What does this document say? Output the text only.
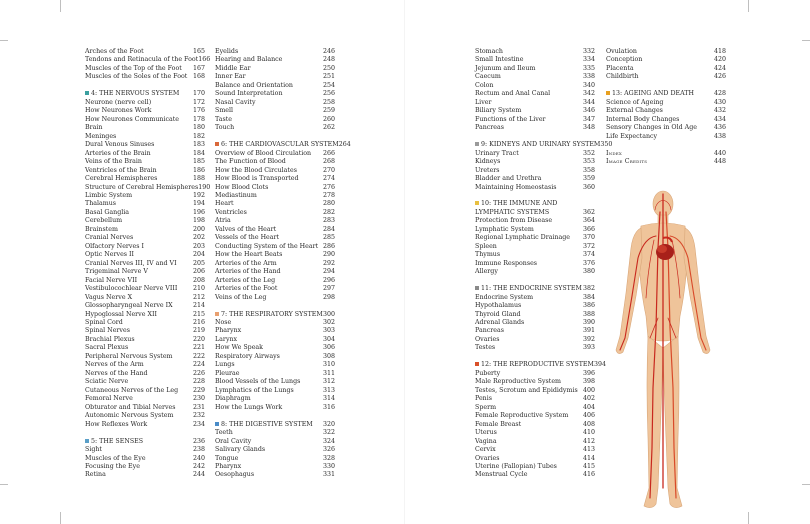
Arches of the Foot	165
Tendons and Retinacula of the Foot 166
Muscles of the Top of the Foot 167
Muscles of the Soles of the Foot 168
4: THE NERVOUS SYSTEM 170
Neurone (nerve cell)	172
How Neurones Work	176
How Neurones Communicate 178
Brain	180
Meninges	182
Dural Venous Sinuses	183
Arteries of the Brain	184
Veins of the Brain	185
Ventricles of the Brain	186
Cerebral Hemispheres	188
Structure of Cerebral Hemispheres 190
Limbic System	192
Thalamus	194
Basal Ganglia	196
Cerebellum	198
Brainstem	200
Cranial Nerves	202
Olfactory Nerves I	203
Optic Nerves II	204
Cranial Nerves III, IV and VI	205
Trigeminal Nerve V	206
Facial Nerve VII	208
Vestibulocochlear Nerve VIII 210
Vagus Nerve X	212
Glossopharyngeal Nerve IX	214
Hypoglossal Nerve XII	215
Spinal Cord	216
Spinal Nerves	219
Brachial Plexus	220
Sacral Plexus	221
Peripheral Nervous System	222
Nerves of the Arm	224
Nerves of the Hand	226
Sciatic Nerve	228
Cutaneous Nerves of the Leg 229
Femoral Nerve	230
Obturator and Tibial Nerves	231
Autonomic Nervous System	232
How Reflexes Work	234
5: THE SENSES	236
Sight	238
Muscles of the Eye	240
Focusing the Eye	242
Retina	244
Eyelids	246
Hearing and Balance	248
Middle Ear	250
Inner Ear	251
Balance and Orientation	254
Sound Interpretation	256
Nasal Cavity	258
Smell	259
Taste	260
Touch	262
6: THE CARDIOVASCULAR SYSTEM 264
Overview of Blood Circulation 266
The Function of Blood	268
How the Blood Circulates	270
How Blood is Transported	274
How Blood Clots	276
Mediastinum	278
Heart	280
Ventricles	282
Atria	283
Valves of the Heart	284
Vessels of the Heart	285
Conducting System of the Heart 286
How the Heart Beats	290
Arteries of the Arm	292
Arteries of the Hand	294
Arteries of the Leg	296
Arteries of the Foot	297
Veins of the Leg	298
7: THE RESPIRATORY SYSTEM 300
Nose	302
Pharynx	303
Larynx	304
How We Speak	306
Respiratory Airways	308
Lungs	310
Pleurae	311
Blood Vessels of the Lungs	312
Lymphatics of the Lungs	313
Diaphragm	314
How the Lungs Work	316
8: THE DIGESTIVE SYSTEM 320
Teeth	322
Oral Cavity	324
Salivary Glands	326
Tongue	328
Pharynx	330
Oesophagus	331
Stomach	332
Small Intestine	334
Jejunum and Ileum	335
Caecum	338
Colon	340
Rectum and Anal Canal	342
Liver	344
Biliary System	346
Functions of the Liver	347
Pancreas	348
9: KIDNEYS AND URINARY SYSTEM 350
Urinary Tract	352
Kidneys	353
Ureters	358
Bladder and Urethra	359
Maintaining Homeostasis	360
10: THE IMMUNE AND LYMPHATIC SYSTEMS	362
Protection from Disease	364
Lymphatic System	366
Regional Lymphatic Drainage 370
Spleen	372
Thymus	374
Immune Responses	376
Allergy	380
11: THE ENDOCRINE SYSTEM 382
Endocrine System	384
Hypothalamus	386
Thyroid Gland	388
Adrenal Glands	390
Pancreas	391
Ovaries	392
Testes	393
12: THE REPRODUCTIVE SYSTEM 394
Puberty	396
Male Reproductive System	398
Testes, Scrotum and Epididymis 400
Penis	402
Sperm	404
Female Reproductive System 406
Female Breast	408
Uterus	410
Vagina	412
Cervix	413
Ovaries	414
Uterine (Fallopian) Tubes	415
Menstrual Cycle	416
Ovulation	418
Conception	420
Placenta	424
Childbirth	426
13: AGEING AND DEATH	428
Science of Ageing	430
External Changes	432
Internal Body Changes	434
Sensory Changes in Old Age	436
Life Expectancy	438
Index	440
Image Credits	448
